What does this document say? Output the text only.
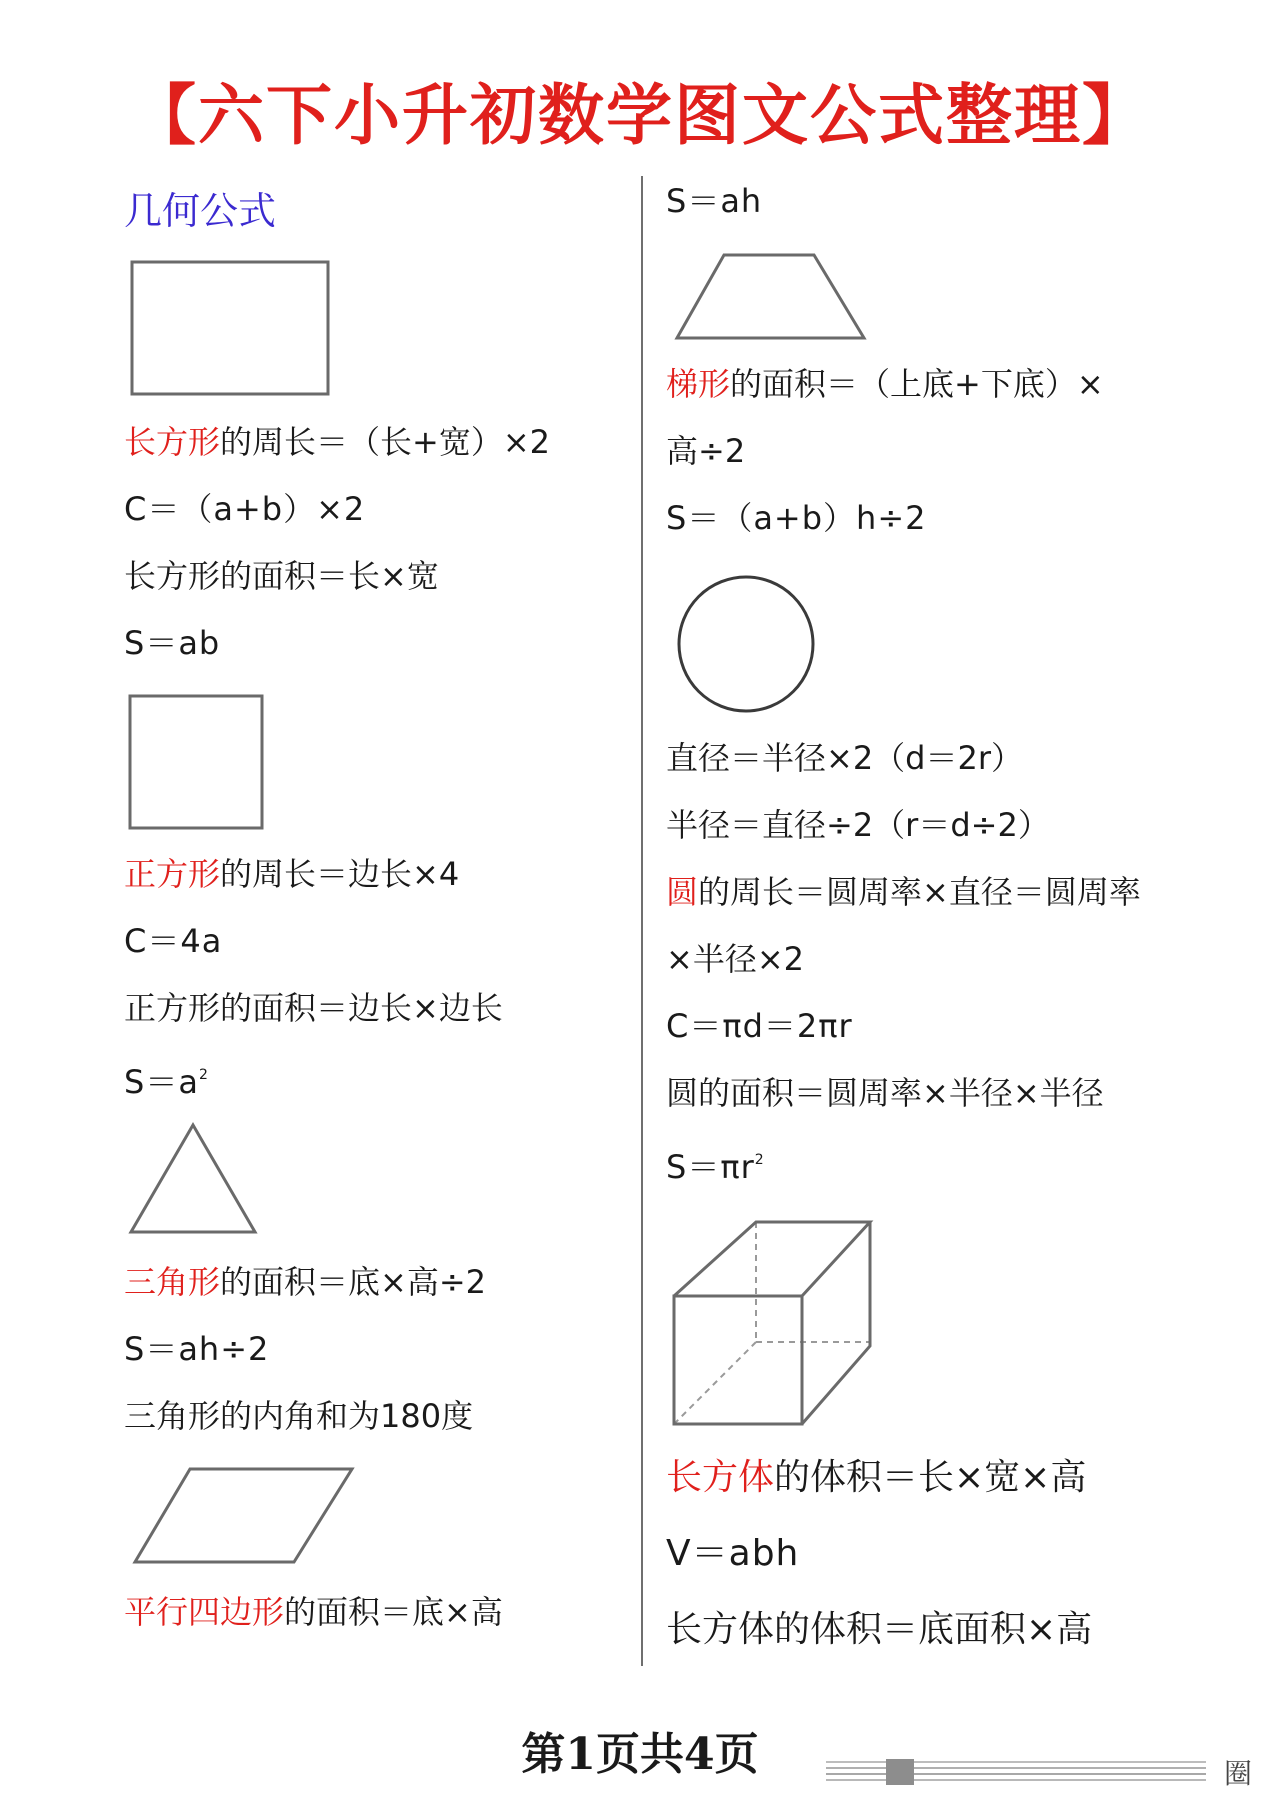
【六下小升初数学图文公式整理】
几何公式
长方形的周长＝（长+宽）×2
C＝（a+b）×2
长方形的面积＝长×宽
S＝ab
正方形的周长＝边长×4
C＝4a
正方形的面积＝边长×边长
$S=a^2$
三角形的面积＝底×高÷2
S＝ah÷2
三角形的内角和为180度
平行四边形的面积＝底×高
S＝ah
梯形的面积＝（上底+下底）×
高÷2
S＝（a+b）h÷2
直径＝半径×2（d＝2r）
半径＝直径÷2（r＝d÷2）
圆的周长＝圆周率×直径＝圆周率
×半径×2
C＝πd＝2πr
圆的面积＝圆周率×半径×半径
$S=\pi r^2$
长方体的体积＝长×宽×高
V＝abh
长方体的体积＝底面积×高
第1页共4页	圈
